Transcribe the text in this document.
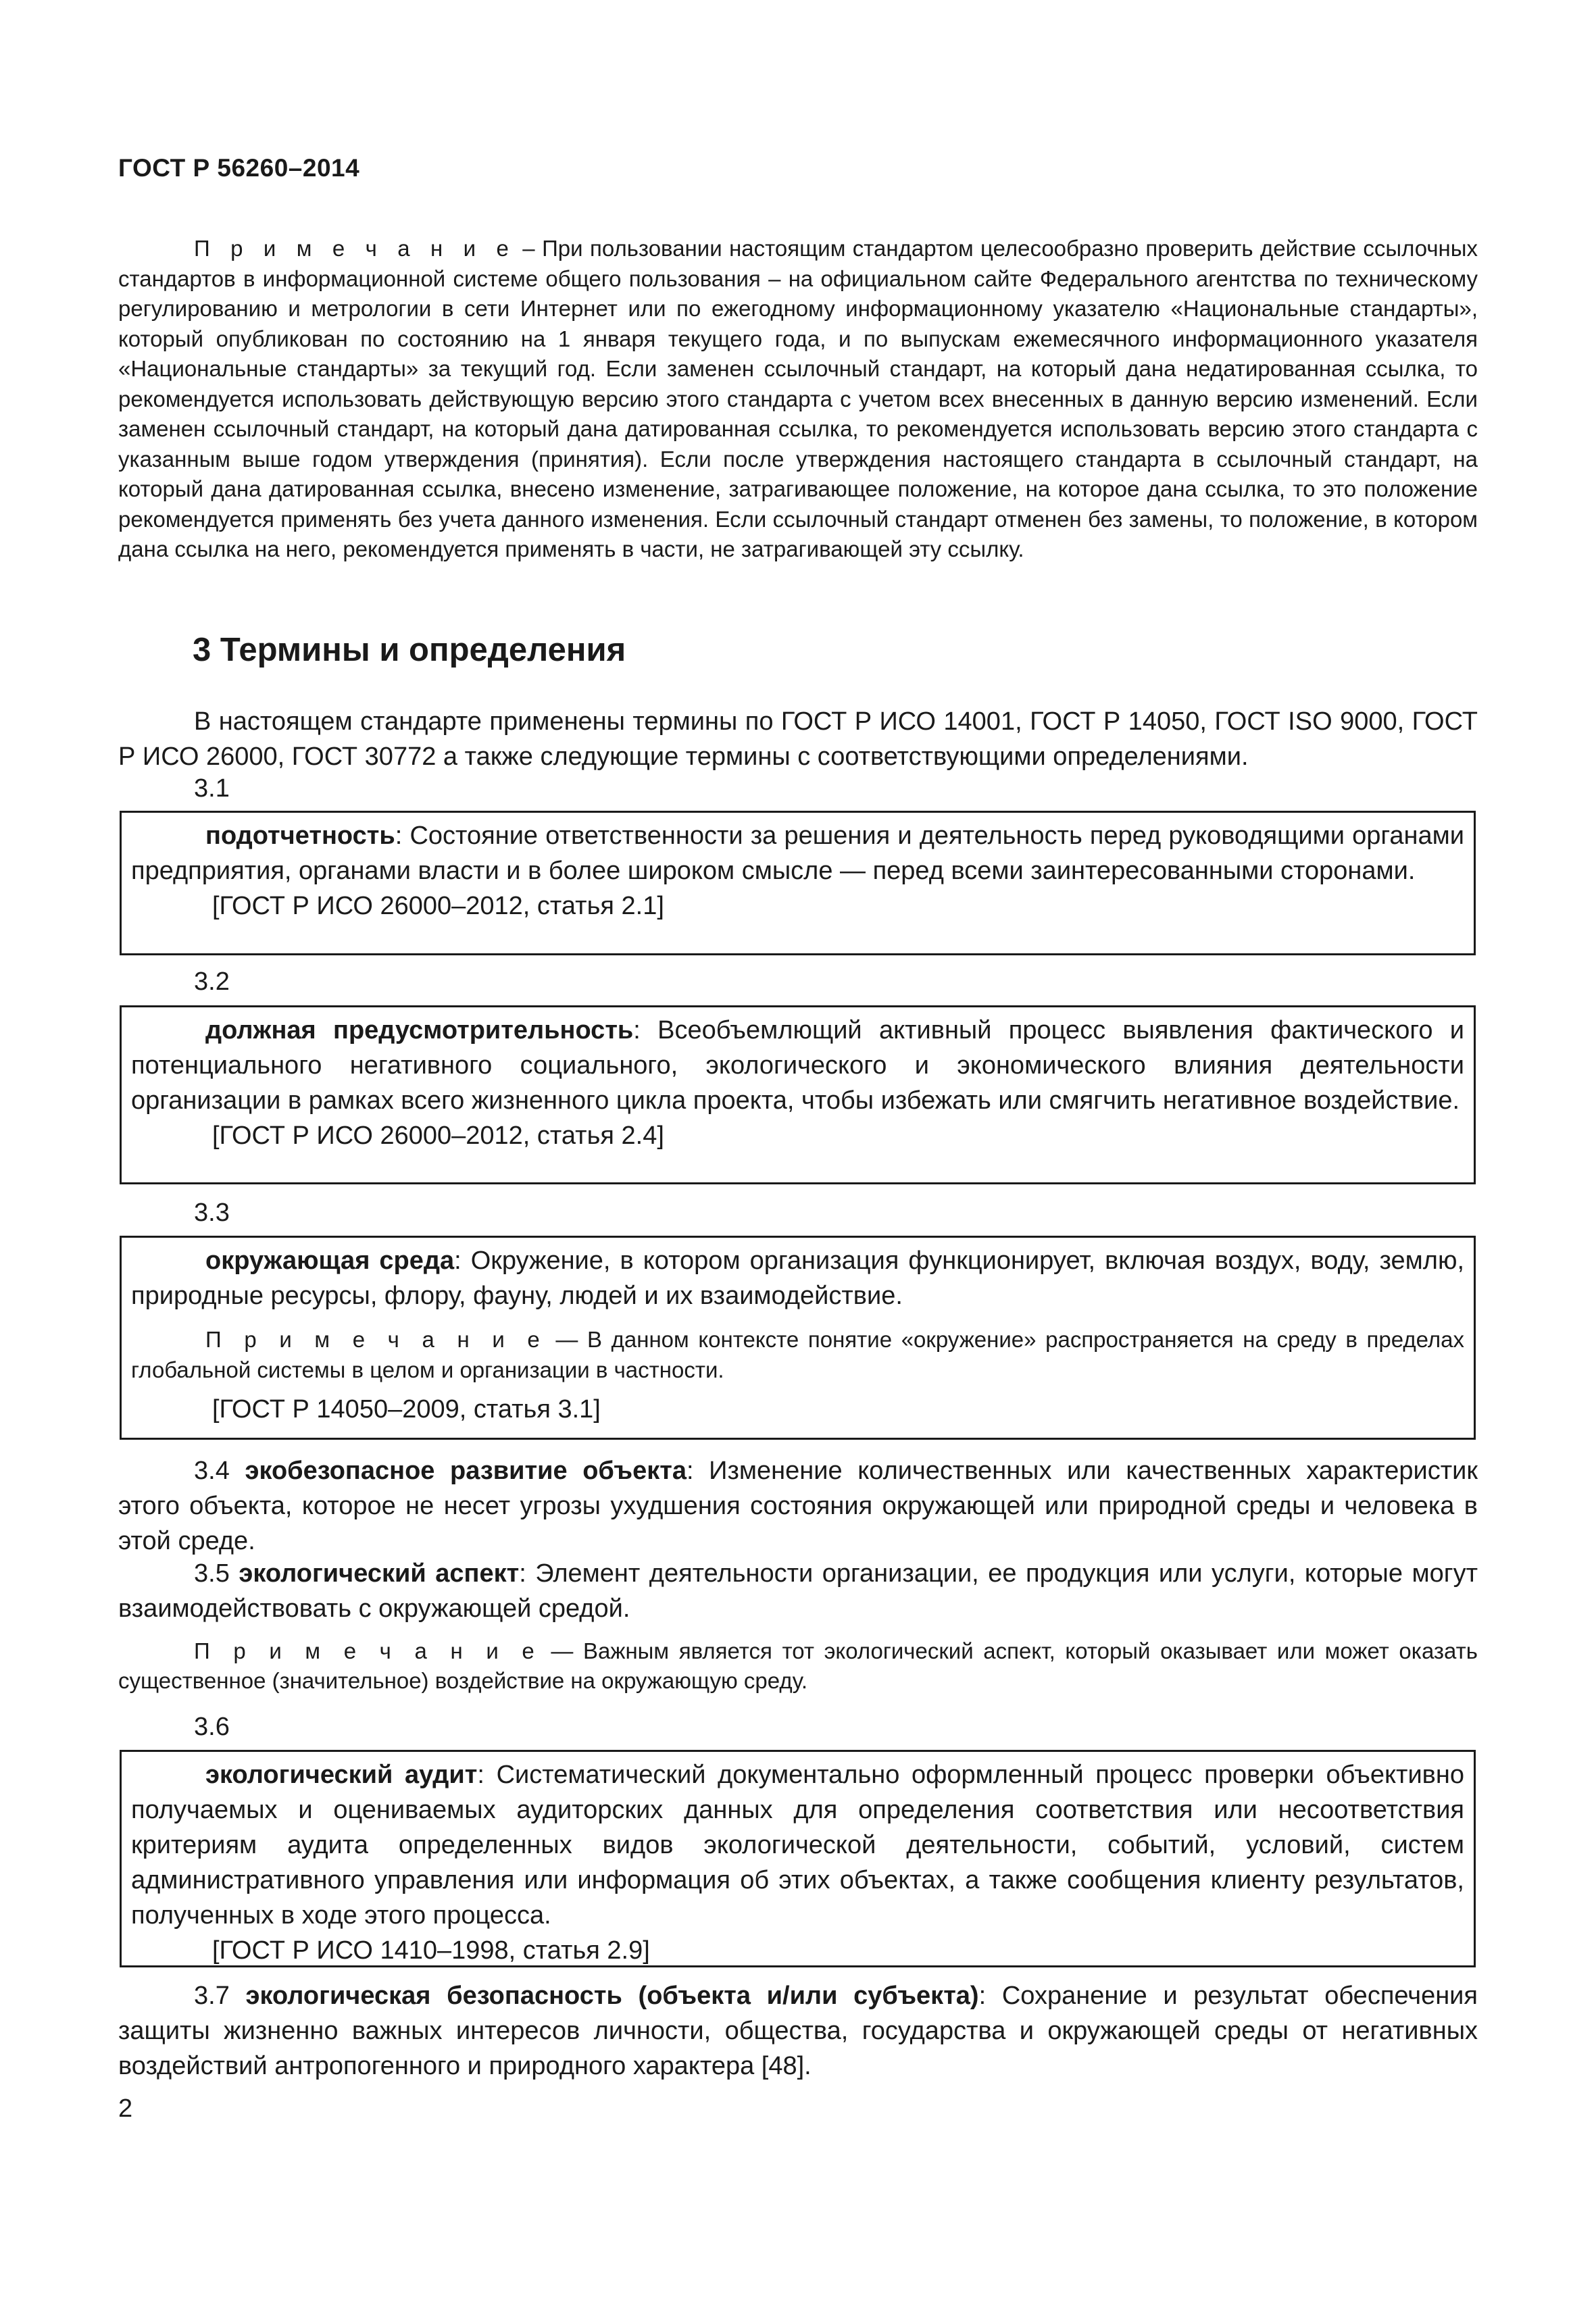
ГОСТ Р 56260–2014

П р и м е ч а н и е – При пользовании настоящим стандартом целесообразно проверить действие ссылочных стандартов в информационной системе общего пользования – на официальном сайте Федерального агентства по техническому регулированию и метрологии в сети Интернет или по ежегодному информационному указателю «Национальные стандарты», который опубликован по состоянию на 1 января текущего года, и по выпускам ежемесячного информационного указателя «Национальные стандарты» за текущий год. Если заменен ссылочный стандарт, на который дана недатированная ссылка, то рекомендуется использовать действующую версию этого стандарта с учетом всех внесенных в данную версию изменений. Если заменен ссылочный стандарт, на который дана датированная ссылка, то рекомендуется использовать версию этого стандарта с указанным выше годом утверждения (принятия). Если после утверждения настоящего стандарта в ссылочный стандарт, на который дана датированная ссылка, внесено изменение, затрагивающее положение, на которое дана ссылка, то это положение рекомендуется применять без учета данного изменения. Если ссылочный стандарт отменен без замены, то положение, в котором дана ссылка на него, рекомендуется применять в части, не затрагивающей эту ссылку.

3 Термины и определения

В настоящем стандарте применены термины по ГОСТ Р ИСО 14001, ГОСТ Р 14050, ГОСТ ISO 9000, ГОСТ Р ИСО 26000, ГОСТ 30772 а также следующие термины с соответствующими определениями.

3.1

подотчетность: Состояние ответственности за решения и деятельность перед руководящими органами предприятия, органами власти и в более широком смысле — перед всеми заинтересованными сторонами.

[ГОСТ Р ИСО 26000–2012, статья 2.1]

3.2

должная предусмотрительность: Всеобъемлющий активный процесс выявления фактического и потенциального негативного социального, экологического и экономического влияния деятельности организации в рамках всего жизненного цикла проекта, чтобы избежать или смягчить негативное воздействие.

[ГОСТ Р ИСО 26000–2012, статья 2.4]

3.3

окружающая среда: Окружение, в котором организация функционирует, включая воздух, воду, землю, природные ресурсы, флору, фауну, людей и их взаимодействие.

П р и м е ч а н и е — В данном контексте понятие «окружение» распространяется на среду в пределах глобальной системы в целом и организации в частности.

[ГОСТ Р 14050–2009, статья 3.1]

3.4 экобезопасное развитие объекта: Изменение количественных или качественных характеристик этого объекта, которое не несет угрозы ухудшения состояния окружающей или природной среды и человека в этой среде.

3.5 экологический аспект: Элемент деятельности организации, ее продукция или услуги, которые могут взаимодействовать с окружающей средой.

П р и м е ч а н и е — Важным является тот экологический аспект, который оказывает или может оказать существенное (значительное) воздействие на окружающую среду.

3.6

экологический аудит: Систематический документально оформленный процесс проверки объективно получаемых и оцениваемых аудиторских данных для определения соответствия или несоответствия критериям аудита определенных видов экологической деятельности, событий, условий, систем административного управления или информация об этих объектах, а также сообщения клиенту результатов, полученных в ходе этого процесса.

[ГОСТ Р ИСО 1410–1998, статья 2.9]

3.7 экологическая безопасность (объекта и/или субъекта): Сохранение и результат обеспечения защиты жизненно важных интересов личности, общества, государства и окружающей среды от негативных воздействий антропогенного и природного характера [48].

2
